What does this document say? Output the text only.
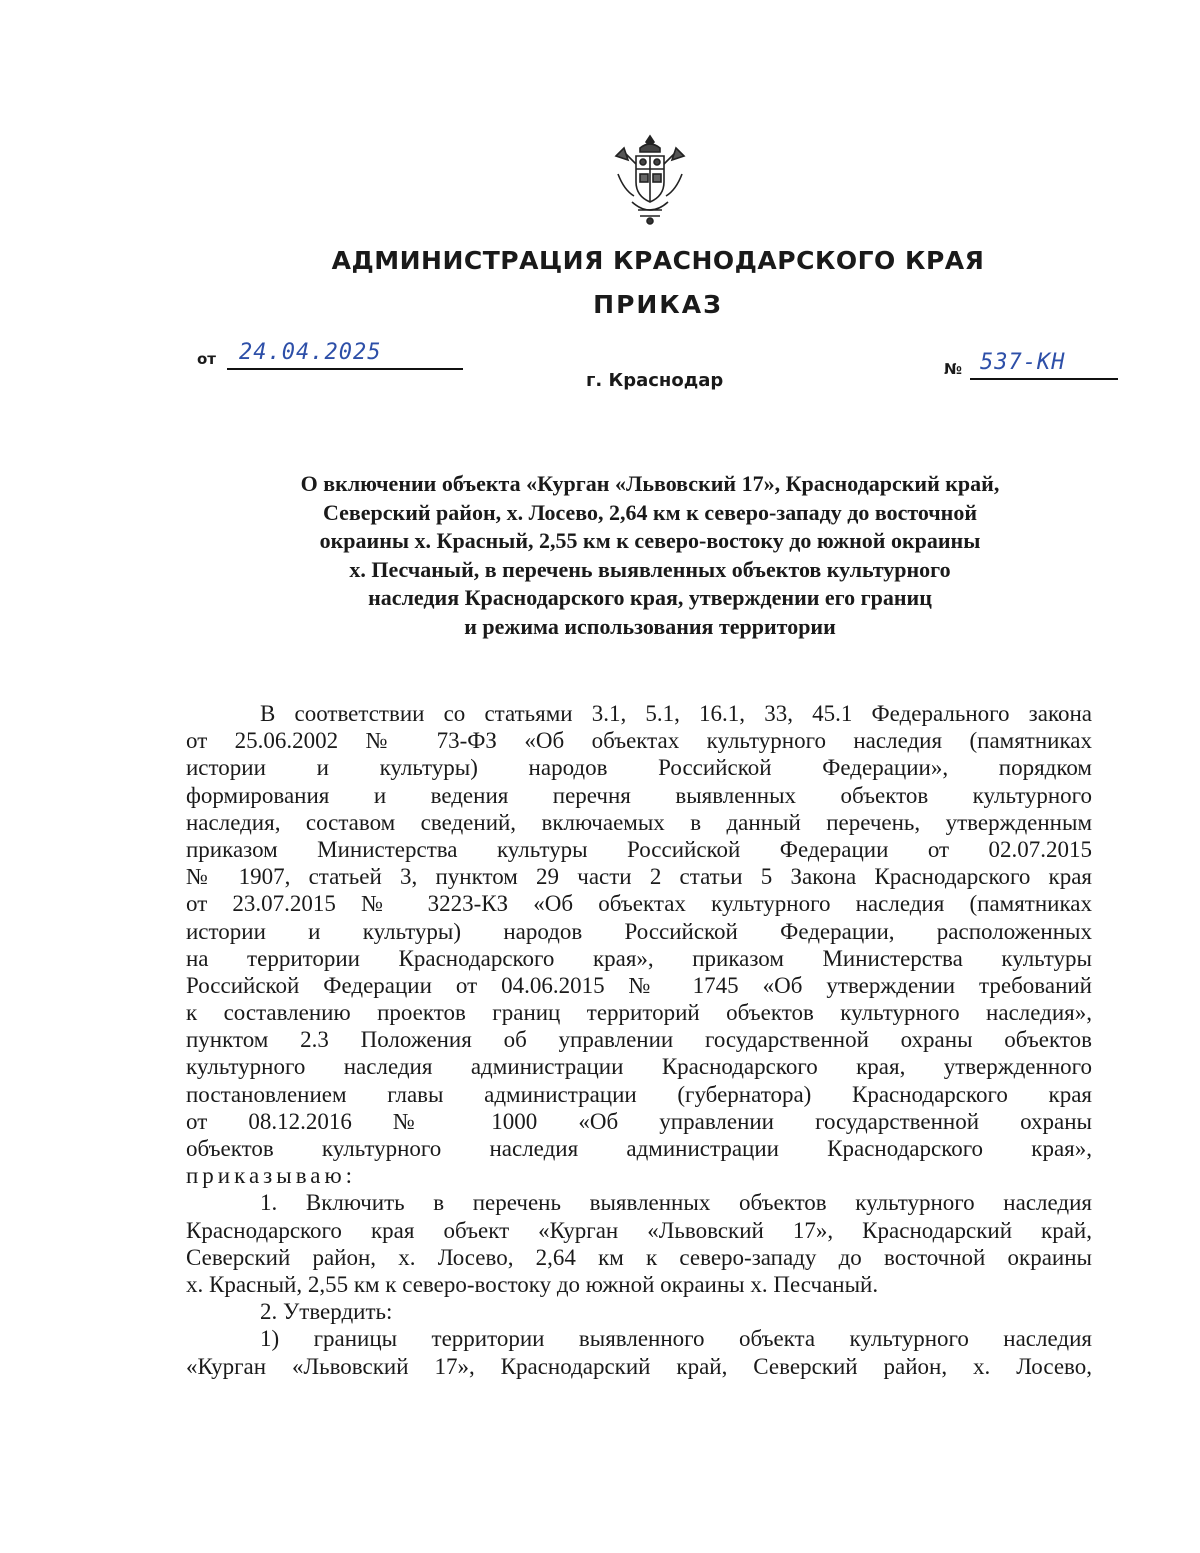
АДМИНИСТРАЦИЯ КРАСНОДАРСКОГО КРАЯ
ПРИКАЗ
от 24.04.2025
№ 537-КН
г. Краснодар
О включении объекта «Курган «Львовский 17», Краснодарский край,
Северский район, х. Лосево, 2,64 км к северо-западу до восточной
окраины х. Красный, 2,55 км к северо-востоку до южной окраины
х. Песчаный, в перечень выявленных объектов культурного
наследия Краснодарского края, утверждении его границ
и режима использования территории
В соответствии со статьями 3.1, 5.1, 16.1, 33, 45.1 Федерального закона
от 25.06.2002 № 73-ФЗ «Об объектах культурного наследия (памятниках
истории и культуры) народов Российской Федерации», порядком
формирования и ведения перечня выявленных объектов культурного
наследия, составом сведений, включаемых в данный перечень, утвержденным
приказом Министерства культуры Российской Федерации от 02.07.2015
№ 1907, статьей 3, пунктом 29 части 2 статьи 5 Закона Краснодарского края
от 23.07.2015 № 3223-КЗ «Об объектах культурного наследия (памятниках
истории и культуры) народов Российской Федерации, расположенных
на территории Краснодарского края», приказом Министерства культуры
Российской Федерации от 04.06.2015 № 1745 «Об утверждении требований
к составлению проектов границ территорий объектов культурного наследия»,
пунктом 2.3 Положения об управлении государственной охраны объектов
культурного наследия администрации Краснодарского края, утвержденного
постановлением главы администрации (губернатора) Краснодарского края
от 08.12.2016 № 1000 «Об управлении государственной охраны
объектов культурного наследия администрации Краснодарского края»,
приказываю:
1. Включить в перечень выявленных объектов культурного наследия
Краснодарского края объект «Курган «Львовский 17», Краснодарский край,
Северский район, х. Лосево, 2,64 км к северо-западу до восточной окраины
х. Красный, 2,55 км к северо-востоку до южной окраины х. Песчаный.
2. Утвердить:
1) границы территории выявленного объекта культурного наследия
«Курган «Львовский 17», Краснодарский край, Северский район, х. Лосево,
